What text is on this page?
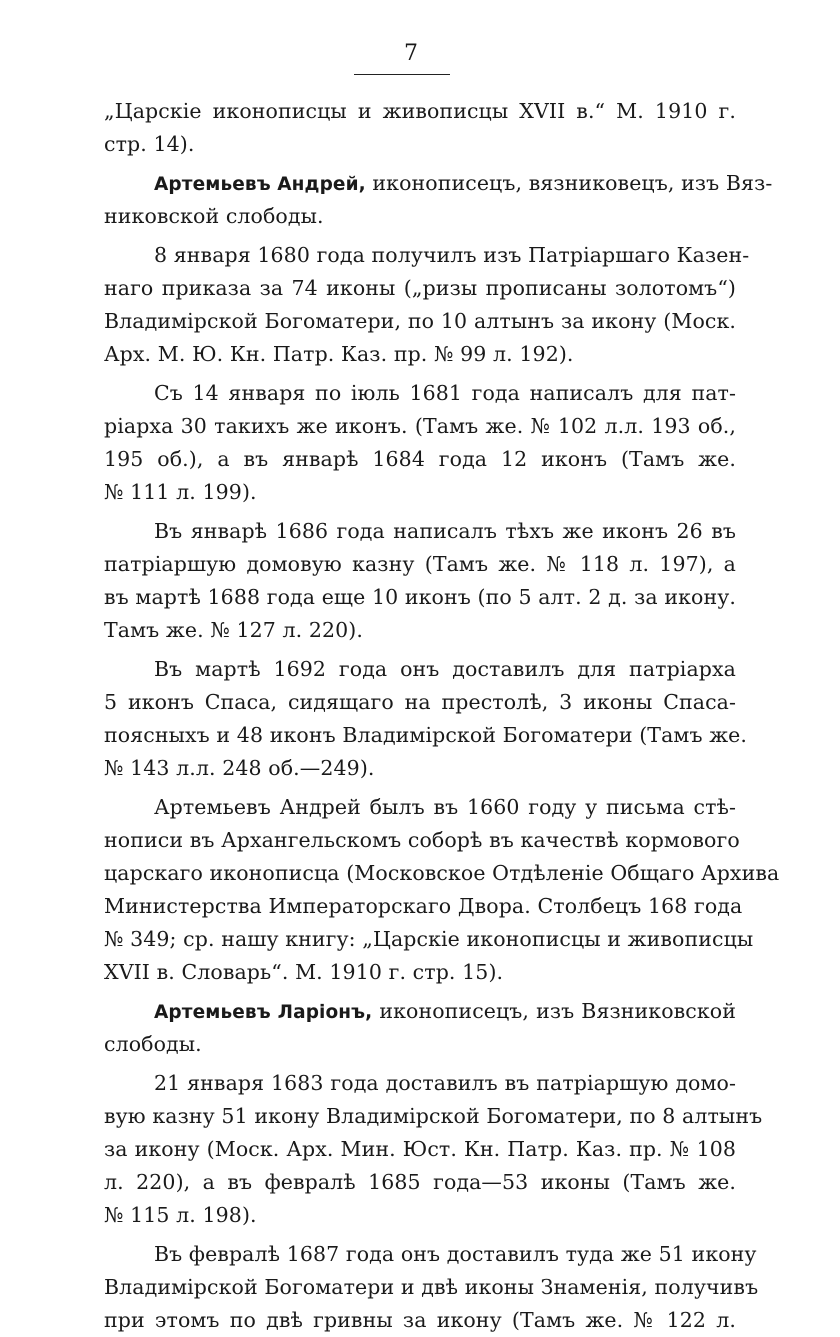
7
„Царскіе иконописцы и живописцы XVII в.“ М. 1910 г.
стр. 14).
Артемьевъ Андрей, иконописецъ, вязниковецъ, изъ Вяз-
никовской слободы.
8 января 1680 года получилъ изъ Патріаршаго Казен-
наго приказа за 74 иконы („ризы прописаны золотомъ“)
Владимірской Богоматери, по 10 алтынъ за икону (Моск.
Арх. М. Ю. Кн. Патр. Каз. пр. № 99 л. 192).
Съ 14 января по іюль 1681 года написалъ для пат-
ріарха 30 такихъ же иконъ. (Тамъ же. № 102 л.л. 193 об.,
195 об.), а въ январѣ 1684 года 12 иконъ (Тамъ же.
№ 111 л. 199).
Въ январѣ 1686 года написалъ тѣхъ же иконъ 26 въ
патріаршую домовую казну (Тамъ же. № 118 л. 197), а
въ мартѣ 1688 года еще 10 иконъ (по 5 алт. 2 д. за икону.
Тамъ же. № 127 л. 220).
Въ мартѣ 1692 года онъ доставилъ для патріарха
5 иконъ Спаса, сидящаго на престолѣ, 3 иконы Спаса-
поясныхъ и 48 иконъ Владимірской Богоматери (Тамъ же.
№ 143 л.л. 248 об.—249).
Артемьевъ Андрей былъ въ 1660 году у письма стѣ-
нописи въ Архангельскомъ соборѣ въ качествѣ кормового
царскаго иконописца (Московское Отдѣленіе Общаго Архива
Министерства Императорскаго Двора. Столбецъ 168 года
№ 349; ср. нашу книгу: „Царскіе иконописцы и живописцы
XVII в. Словарь“. М. 1910 г. стр. 15).
Артемьевъ Ларіонъ, иконописецъ, изъ Вязниковской
слободы.
21 января 1683 года доставилъ въ патріаршую домо-
вую казну 51 икону Владимірской Богоматери, по 8 алтынъ
за икону (Моск. Арх. Мин. Юст. Кн. Патр. Каз. пр. № 108
л. 220), а въ февралѣ 1685 года—53 иконы (Тамъ же.
№ 115 л. 198).
Въ февралѣ 1687 года онъ доставилъ туда же 51 икону
Владимірской Богоматери и двѣ иконы Знаменія, получивъ
при этомъ по двѣ гривны за икону (Тамъ же. № 122 л.
